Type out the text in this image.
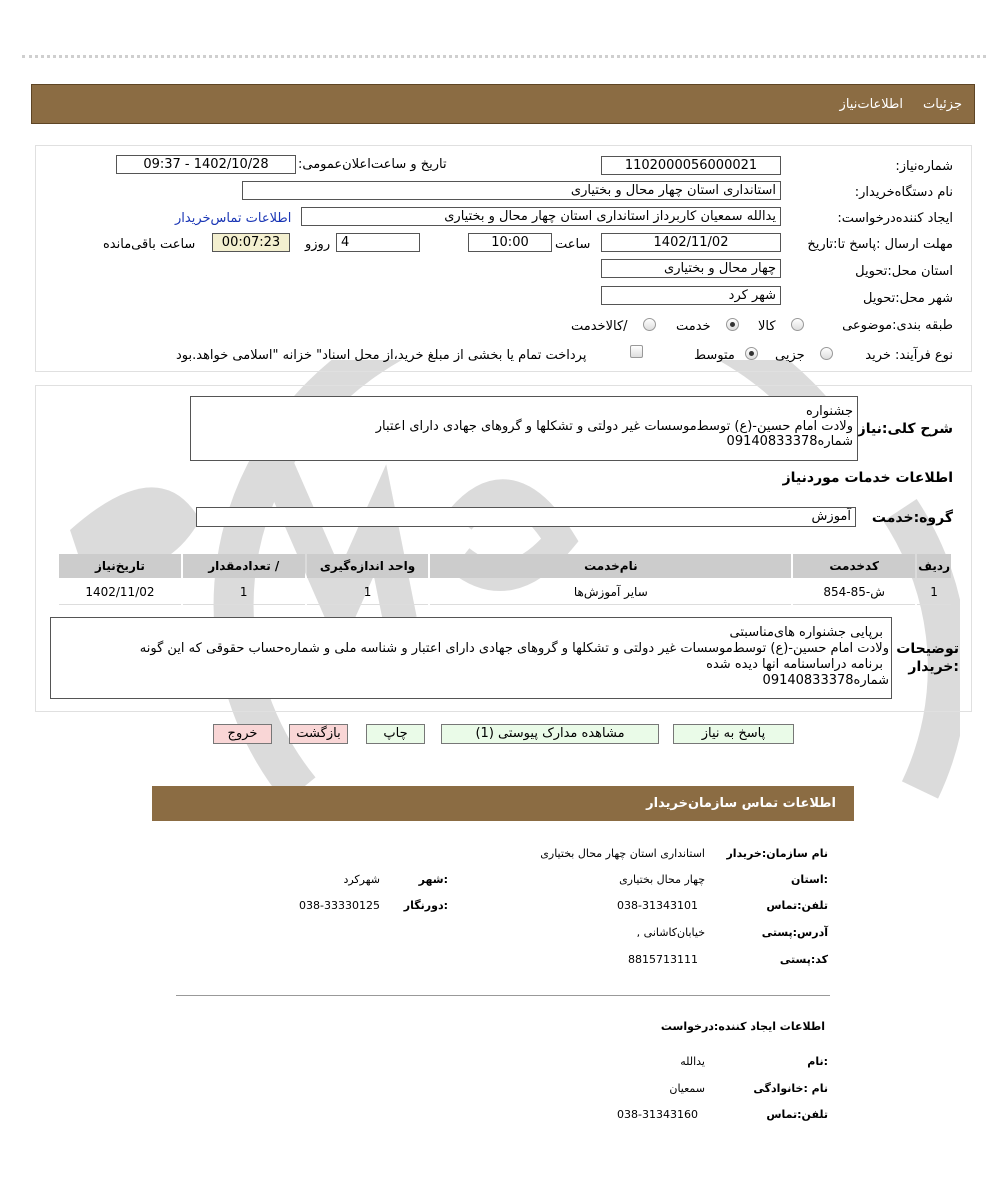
جزئیات
اطلاعات‌نیاز
شماره‌نیاز:
1102000056000021
تاریخ و ساعت‌اعلان‌عمومی:
1402/10/28 - 09:37
نام دستگاه‌خریدار:
استانداری استان چهار محال و بختیاری
ایجاد کننده‌درخواست:
یدالله سمعیان کاربرداز استانداری استان چهار محال و بختیاری
اطلاعات تماس‌خریدار
مهلت ارسال :پاسخ تا:تاریخ
1402/11/02
ساعت
10:00
4
روزو
00:07:23
ساعت باقی‌مانده
استان محل:تحویل
چهار محال و بختیاری
شهر محل:تحویل
شهر کرد
طبقه بندی:موضوعی
کالا
خدمت
/کالاخدمت
نوع فرآیند: خرید
جزیی
متوسط
پرداخت تمام یا بخشی از مبلغ خرید،از محل اسناد" خزانه "اسلامی خواهد.بود
شرح کلی:نیاز
جشنواره
ولادت امام حسین-(ع) توسط‌موسسات غیر دولتی و تشکلها و گروهای جهادی دارای اعتبار
شماره09140833378
اطلاعات خدمات موردنیاز
گروه:خدمت
آموزش
ردیف	کدخدمت	نام‌خدمت	واحد اندازه‌گیری	/ تعدادمقدار	تاریخ‌نیاز
1	ش-85-854	سایر آموزش‌ها	1	1	1402/11/02
توضیحات
:خریدار
برپایی جشنواره های‌مناسبتی
ولادت امام حسین-(ع) توسط‌موسسات غیر دولتی و تشکلها و گروهای جهادی دارای اعتبار و شناسه ملی و شماره‌حساب حقوقی که این گونه
برنامه دراساسنامه انها دیده شده
شماره09140833378
پاسخ به نیاز
مشاهده مدارک پیوستی (1)
چاپ
بازگشت
خروج
اطلاعات تماس سازمان‌خریدار
نام سازمان:خریدار
استانداری استان چهار محال بختیاری
:استان
چهار محال بختیاری
:شهر
شهرکرد
تلفن:تماس
038-31343101
:دورنگار
038-33330125
آدرس:پستی
خیابان‌کاشانی ,
کد:پستی
8815713111
اطلاعات ایجاد کننده:درخواست
:نام
یدالله
نام :خانوادگی
سمعیان
تلفن:تماس
038-31343160
